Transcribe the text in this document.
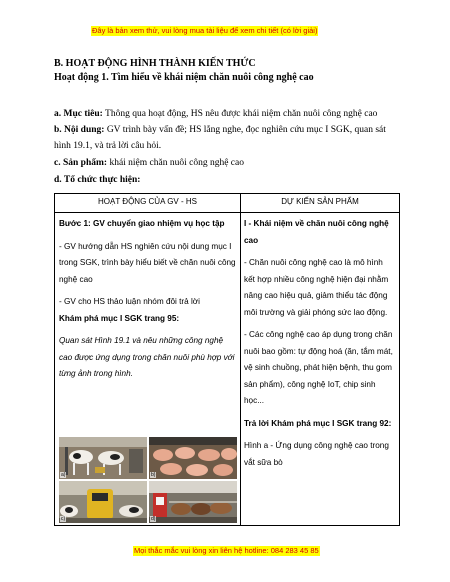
Đây là bản xem thử, vui lòng mua tài liệu để xem chi tiết (có lời giải)
B. HOẠT ĐỘNG HÌNH THÀNH KIẾN THỨC
Hoạt động 1. Tìm hiểu về khái niệm chăn nuôi công nghệ cao
a. Mục tiêu: Thông qua hoạt động, HS nêu được khái niệm chăn nuôi công nghệ cao
b. Nội dung: GV trình bày vấn đề; HS lắng nghe, đọc nghiên cứu mục I SGK, quan sát hình 19.1, và trả lời câu hỏi.
c. Sản phẩm: khái niệm chăn nuôi công nghệ cao
d. Tổ chức thực hiện:
HOẠT ĐỘNG CỦA GV - HS	DỰ KIẾN SẢN PHẨM

Bước 1: GV chuyển giao nhiệm vụ học tập

- GV hướng dẫn HS nghiên cứu nội dung mục I trong SGK, trình bày hiểu biết về chăn nuôi công nghệ cao

- GV cho HS thảo luận nhóm đôi trả lời

Khám phá mục I SGK trang 95:

Quan sát Hình 19.1 và nêu những công nghệ cao được ứng dụng trong chăn nuôi phù hợp với từng ảnh trong hình.

a)	b)
c)	d)

I - Khái niệm về chăn nuôi công nghệ cao

- Chăn nuôi công nghệ cao là mô hình kết hợp nhiều công nghệ hiện đại nhằm nâng cao hiệu quả, giảm thiểu tác động môi trường và giải phóng sức lao động.

- Các công nghệ cao áp dụng trong chăn nuôi bao gồm: tự động hoá (ăn, tắm mát, vệ sinh chuồng, phát hiện bệnh, thu gom sản phẩm), công nghệ IoT, chip sinh học...

Trả lời Khám phá mục I SGK trang 92:

Hình a - Ứng dụng công nghệ cao trong vắt sữa bò

Mọi thắc mắc vui lòng xin liên hệ hotline: 084 283 45 85
